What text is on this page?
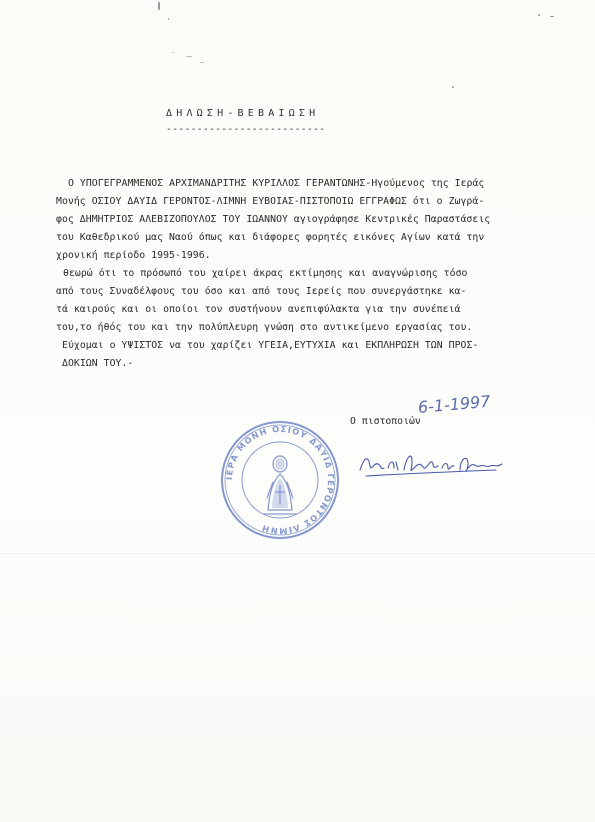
ΔΗΛΩΣΗ-ΒΕΒΑΙΩΣΗ
--------------------------
Ο ΥΠΟΓΕΓΡΑΜΜΕΝΟΣ ΑΡΧΙΜΑΝΔΡΙΤΗΣ ΚΥΡΙΛΛΟΣ ΓΕΡΑΝΤΩΝΗΣ-Ηγούμενος της Ιεράς
Μονής ΟΣΙΟΥ ΔΑΥΙΔ ΓΕΡΟΝΤΟΣ-ΛΙΜΝΗ ΕΥΒΟΙΑΣ-ΠΙΣΤΟΠΟΙΩ ΕΓΓΡΑΦΩΣ ότι ο Ζωγρά-
φος ΔΗΜΗΤΡΙΟΣ ΑΛΕΒΙΖΟΠΟΥΛΟΣ ΤΟΥ ΙΩΑΝΝΟΥ αγιογράφησε Κεντρικές Παραστάσεις
του Καθεδρικού μας Ναού όπως και διάφορες φορητές εικόνες Αγίων κατά την
χρονική περίοδο 1995-1996.
θεωρώ ότι το πρόσωπό του χαίρει άκρας εκτίμησης και αναγνώρισης τόσο
από τους Συναδέλφους του όσο και από τους Ιερείς που συνεργάστηκε κα-
τά καιρούς και οι οποίοι τον συστήνουν ανεπιφύλακτα για την συνέπειά
του,το ήθός του και την πολύπλευρη γνώση στο αντικείμενο εργασίας του.
Εύχομαι ο ΥΨΙΣΤΟΣ να του χαρίζει ΥΓΕΙΑ,ΕΥΤΥΧΙΑ και ΕΚΠΛΗΡΩΣΗ ΤΩΝ ΠΡΟΣ-
ΔΟΚΙΩΝ ΤΟΥ.-
6-1-1997
Ο πιστοποιών
ΙΕΡΑ ΜΟΝΗ ΟΣΙΟΥ ΔΑΥΙΔ ΓΕΡΟΝΤΟΣ ΛΙΜΝΗ
